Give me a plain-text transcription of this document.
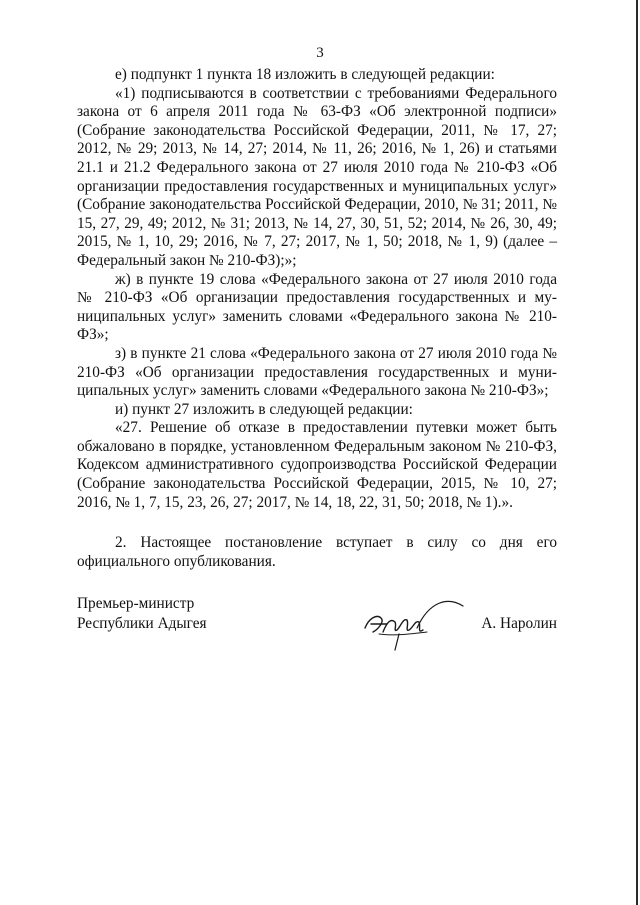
3

е) подпункт 1 пункта 18 изложить в следующей редакции:

«1) подписываются в соответствии с требованиями Федерального закона от 6 апреля 2011 года № 63-ФЗ «Об электронной подписи» (Собрание законодательства Российской Федерации, 2011, № 17, 27; 2012, № 29; 2013, № 14, 27; 2014, № 11, 26; 2016, № 1, 26) и статьями 21.1 и 21.2 Федерального закона от 27 июля 2010 года № 210-ФЗ «Об организации предоставления государственных и муниципальных услуг» (Собрание законодательства Российской Федерации, 2010, № 31; 2011, № 15, 27, 29, 49; 2012, № 31; 2013, № 14, 27, 30, 51, 52; 2014, № 26, 30, 49; 2015, № 1, 10, 29; 2016, № 7, 27; 2017, № 1, 50; 2018, № 1, 9) (далее – Федеральный закон № 210-ФЗ);»;

ж) в пункте 19 слова «Федерального закона от 27 июля 2010 года № 210-ФЗ «Об организации предоставления государственных и муниципальных услуг» заменить словами «Федерального закона № 210-ФЗ»;

з) в пункте 21 слова «Федерального закона от 27 июля 2010 года № 210-ФЗ «Об организации предоставления государственных и муниципальных услуг» заменить словами «Федерального закона № 210-ФЗ»;

и) пункт 27 изложить в следующей редакции:

«27. Решение об отказе в предоставлении путевки может быть обжаловано в порядке, установленном Федеральным законом № 210-ФЗ, Кодексом административного судопроизводства Российской Федерации (Собрание законодательства Российской Федерации, 2015, № 10, 27; 2016, № 1, 7, 15, 23, 26, 27; 2017, № 14, 18, 22, 31, 50; 2018, № 1).».

2. Настоящее постановление вступает в силу со дня его официального опубликования.

Премьер-министр
Республики Адыгея	А. Наролин
